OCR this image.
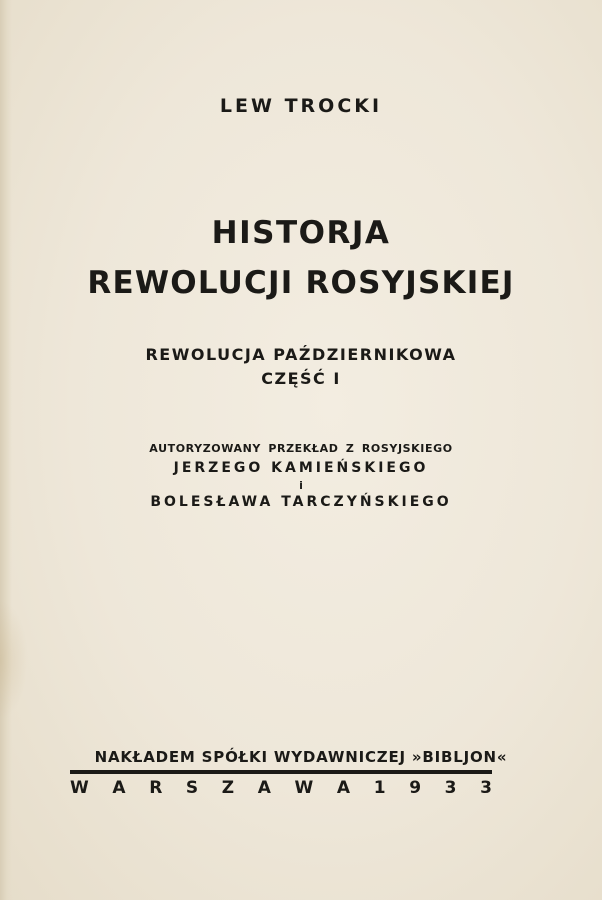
LEW TROCKI
HISTORJA
REWOLUCJI ROSYJSKIEJ
REWOLUCJA PAŹDZIERNIKOWA
CZĘŚĆ I
AUTORYZOWANY PRZEKŁAD Z ROSYJSKIEGO
JERZEGO KAMIEŃSKIEGO
i
BOLESŁAWA TARCZYŃSKIEGO
NAKŁADEM SPÓŁKI WYDAWNICZEJ »BIBLJON«
W A R S Z A W A 1 9 3 3
